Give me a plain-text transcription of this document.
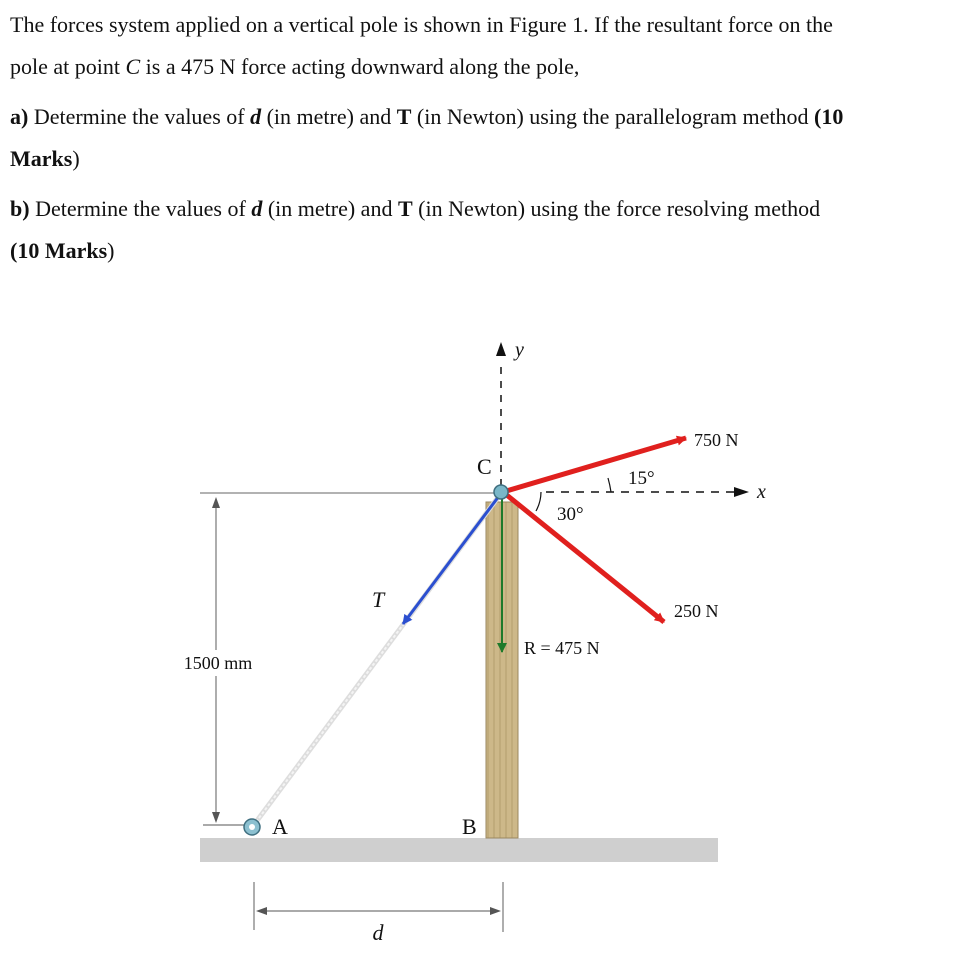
The forces system applied on a vertical pole is shown in Figure 1. If the resultant force on the
pole at point C is a 475 N force acting downward along the pole,

a) Determine the values of d (in metre) and T (in Newton) using the parallelogram method (10
Marks)

b) Determine the values of d (in metre) and T (in Newton) using the force resolving method
(10 Marks)

1500 mm
d
y
x
15°
30°
C
A	B
750 N
250 N
R = 475 N
T
